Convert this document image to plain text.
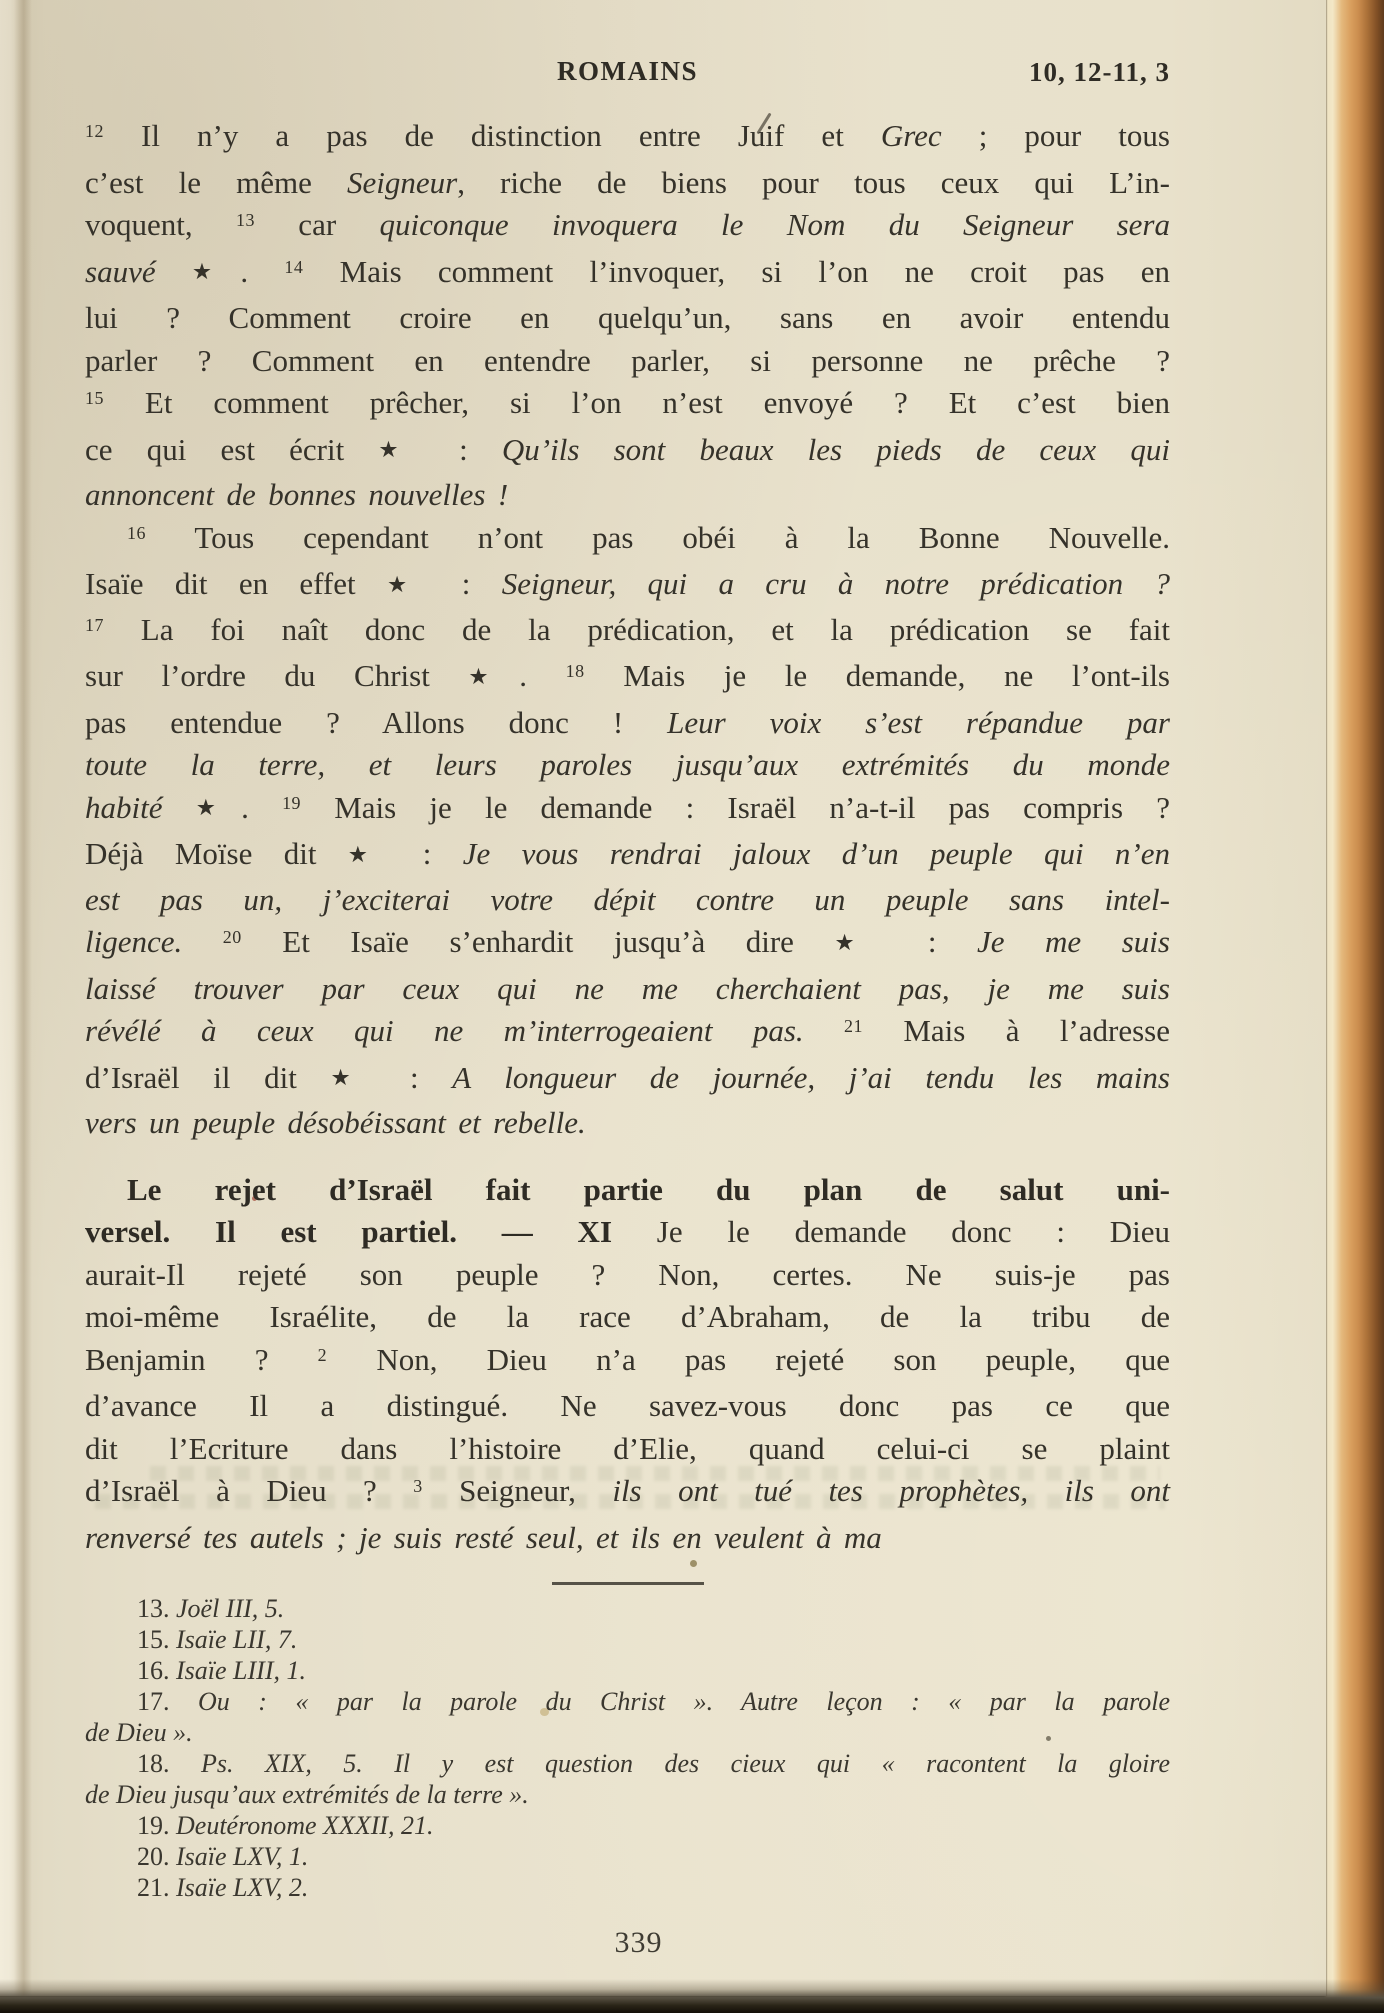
ROMAINS	10, 12-11, 3
$^{12}$ Il n’y a pas de distinction entre Juif et Grec ; pour tous
c’est le même Seigneur, riche de biens pour tous ceux qui L’in-
voquent, $^{13}$ car quiconque invoquera le Nom du Seigneur sera
sauvé ★. $^{14}$ Mais comment l’invoquer, si l’on ne croit pas en
lui ? Comment croire en quelqu’un, sans en avoir entendu
parler ? Comment en entendre parler, si personne ne prêche ?
$^{15}$ Et comment prêcher, si l’on n’est envoyé ? Et c’est bien
ce qui est écrit ★ : Qu’ils sont beaux les pieds de ceux qui
annoncent de bonnes nouvelles !
$^{16}$ Tous cependant n’ont pas obéi à la Bonne Nouvelle.
Isaïe dit en effet ★ : Seigneur, qui a cru à notre prédication ?
$^{17}$ La foi naît donc de la prédication, et la prédication se fait
sur l’ordre du Christ ★. $^{18}$ Mais je le demande, ne l’ont-ils
pas entendue ? Allons donc ! Leur voix s’est répandue par
toute la terre, et leurs paroles jusqu’aux extrémités du monde
habité ★. $^{19}$ Mais je le demande : Israël n’a-t-il pas compris ?
Déjà Moïse dit ★ : Je vous rendrai jaloux d’un peuple qui n’en
est pas un, j’exciterai votre dépit contre un peuple sans intel-
ligence. $^{20}$ Et Isaïe s’enhardit jusqu’à dire ★ : Je me suis
laissé trouver par ceux qui ne me cherchaient pas, je me suis
révélé à ceux qui ne m’interrogeaient pas. $^{21}$ Mais à l’adresse
d’Israël il dit ★ : A longueur de journée, j’ai tendu les mains
vers un peuple désobéissant et rebelle.
Le rejet d’Israël fait partie du plan de salut uni-
versel. Il est partiel. — XI Je le demande donc : Dieu
aurait-Il rejeté son peuple ? Non, certes. Ne suis-je pas
moi-même Israélite, de la race d’Abraham, de la tribu de
Benjamin ? $^2$ Non, Dieu n’a pas rejeté son peuple, que
d’avance Il a distingué. Ne savez-vous donc pas ce que
dit l’Ecriture dans l’histoire d’Elie, quand celui-ci se plaint
d’Israël à Dieu ? $^3$ Seigneur, ils ont tué tes prophètes, ils ont
renversé tes autels ; je suis resté seul, et ils en veulent à ma
13. Joël III, 5.
15. Isaïe LII, 7.
16. Isaïe LIII, 1.
17. Ou : « par la parole du Christ ». Autre leçon : « par la parole
de Dieu ».
18. Ps. XIX, 5. Il y est question des cieux qui « racontent la gloire
de Dieu jusqu’aux extrémités de la terre ».
19. Deutéronome XXXII, 21.
20. Isaïe LXV, 1.
21. Isaïe LXV, 2.
339
